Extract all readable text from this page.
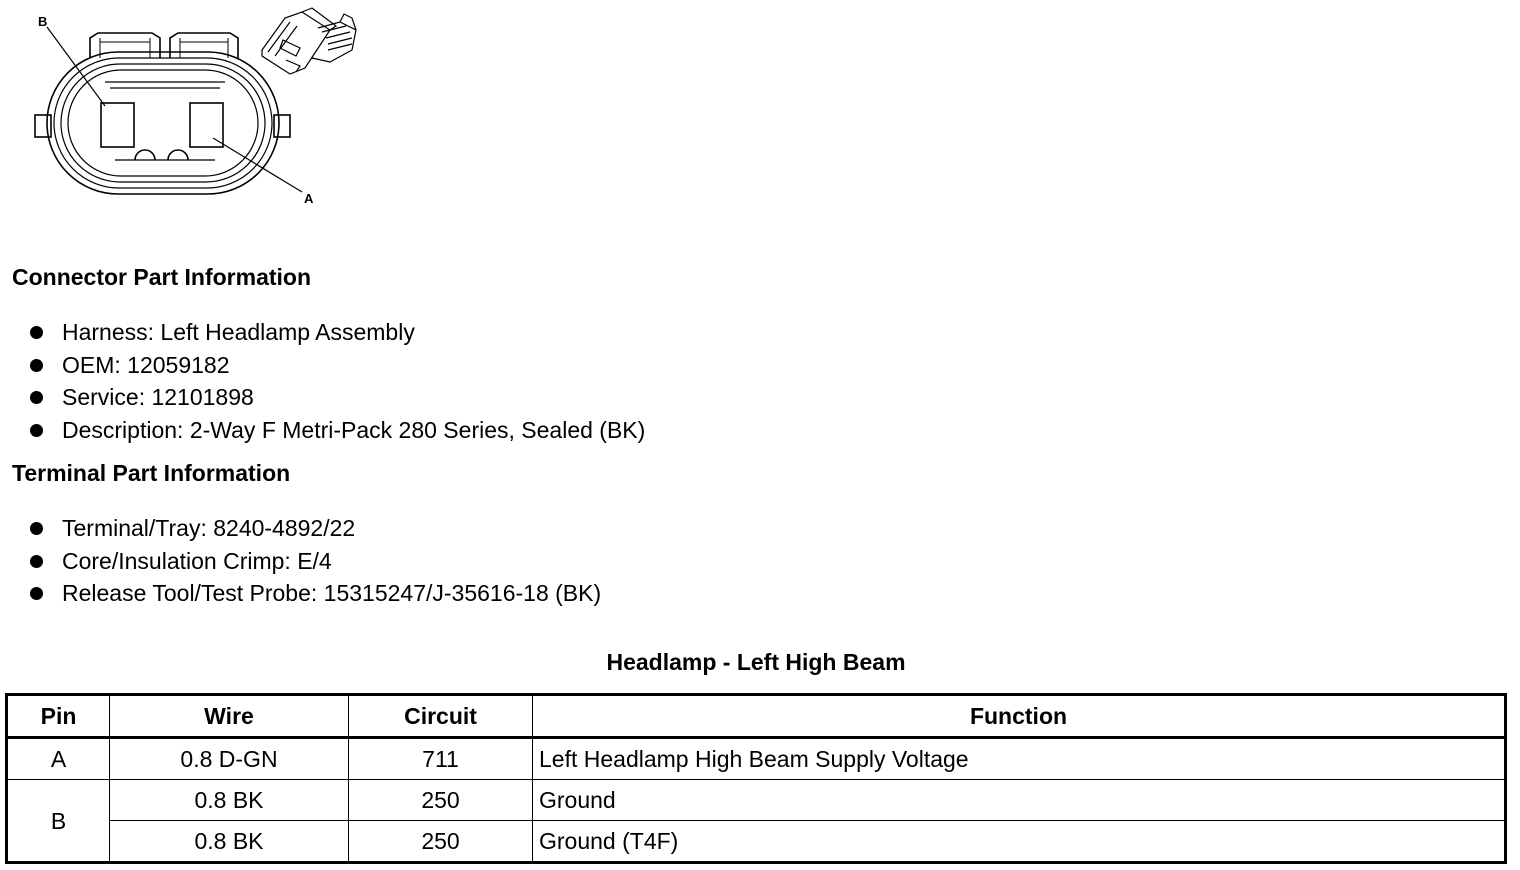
B
A
Connector Part Information
Harness: Left Headlamp Assembly
OEM: 12059182
Service: 12101898
Description: 2-Way F Metri-Pack 280 Series, Sealed (BK)
Terminal Part Information
Terminal/Tray: 8240-4892/22
Core/Insulation Crimp: E/4
Release Tool/Test Probe: 15315247/J-35616-18 (BK)
Headlamp - Left High Beam
Pin	Wire	Circuit	Function
A	0.8 D-GN	711	Left Headlamp High Beam Supply Voltage
B	0.8 BK	250	Ground
	0.8 BK	250	Ground (T4F)
